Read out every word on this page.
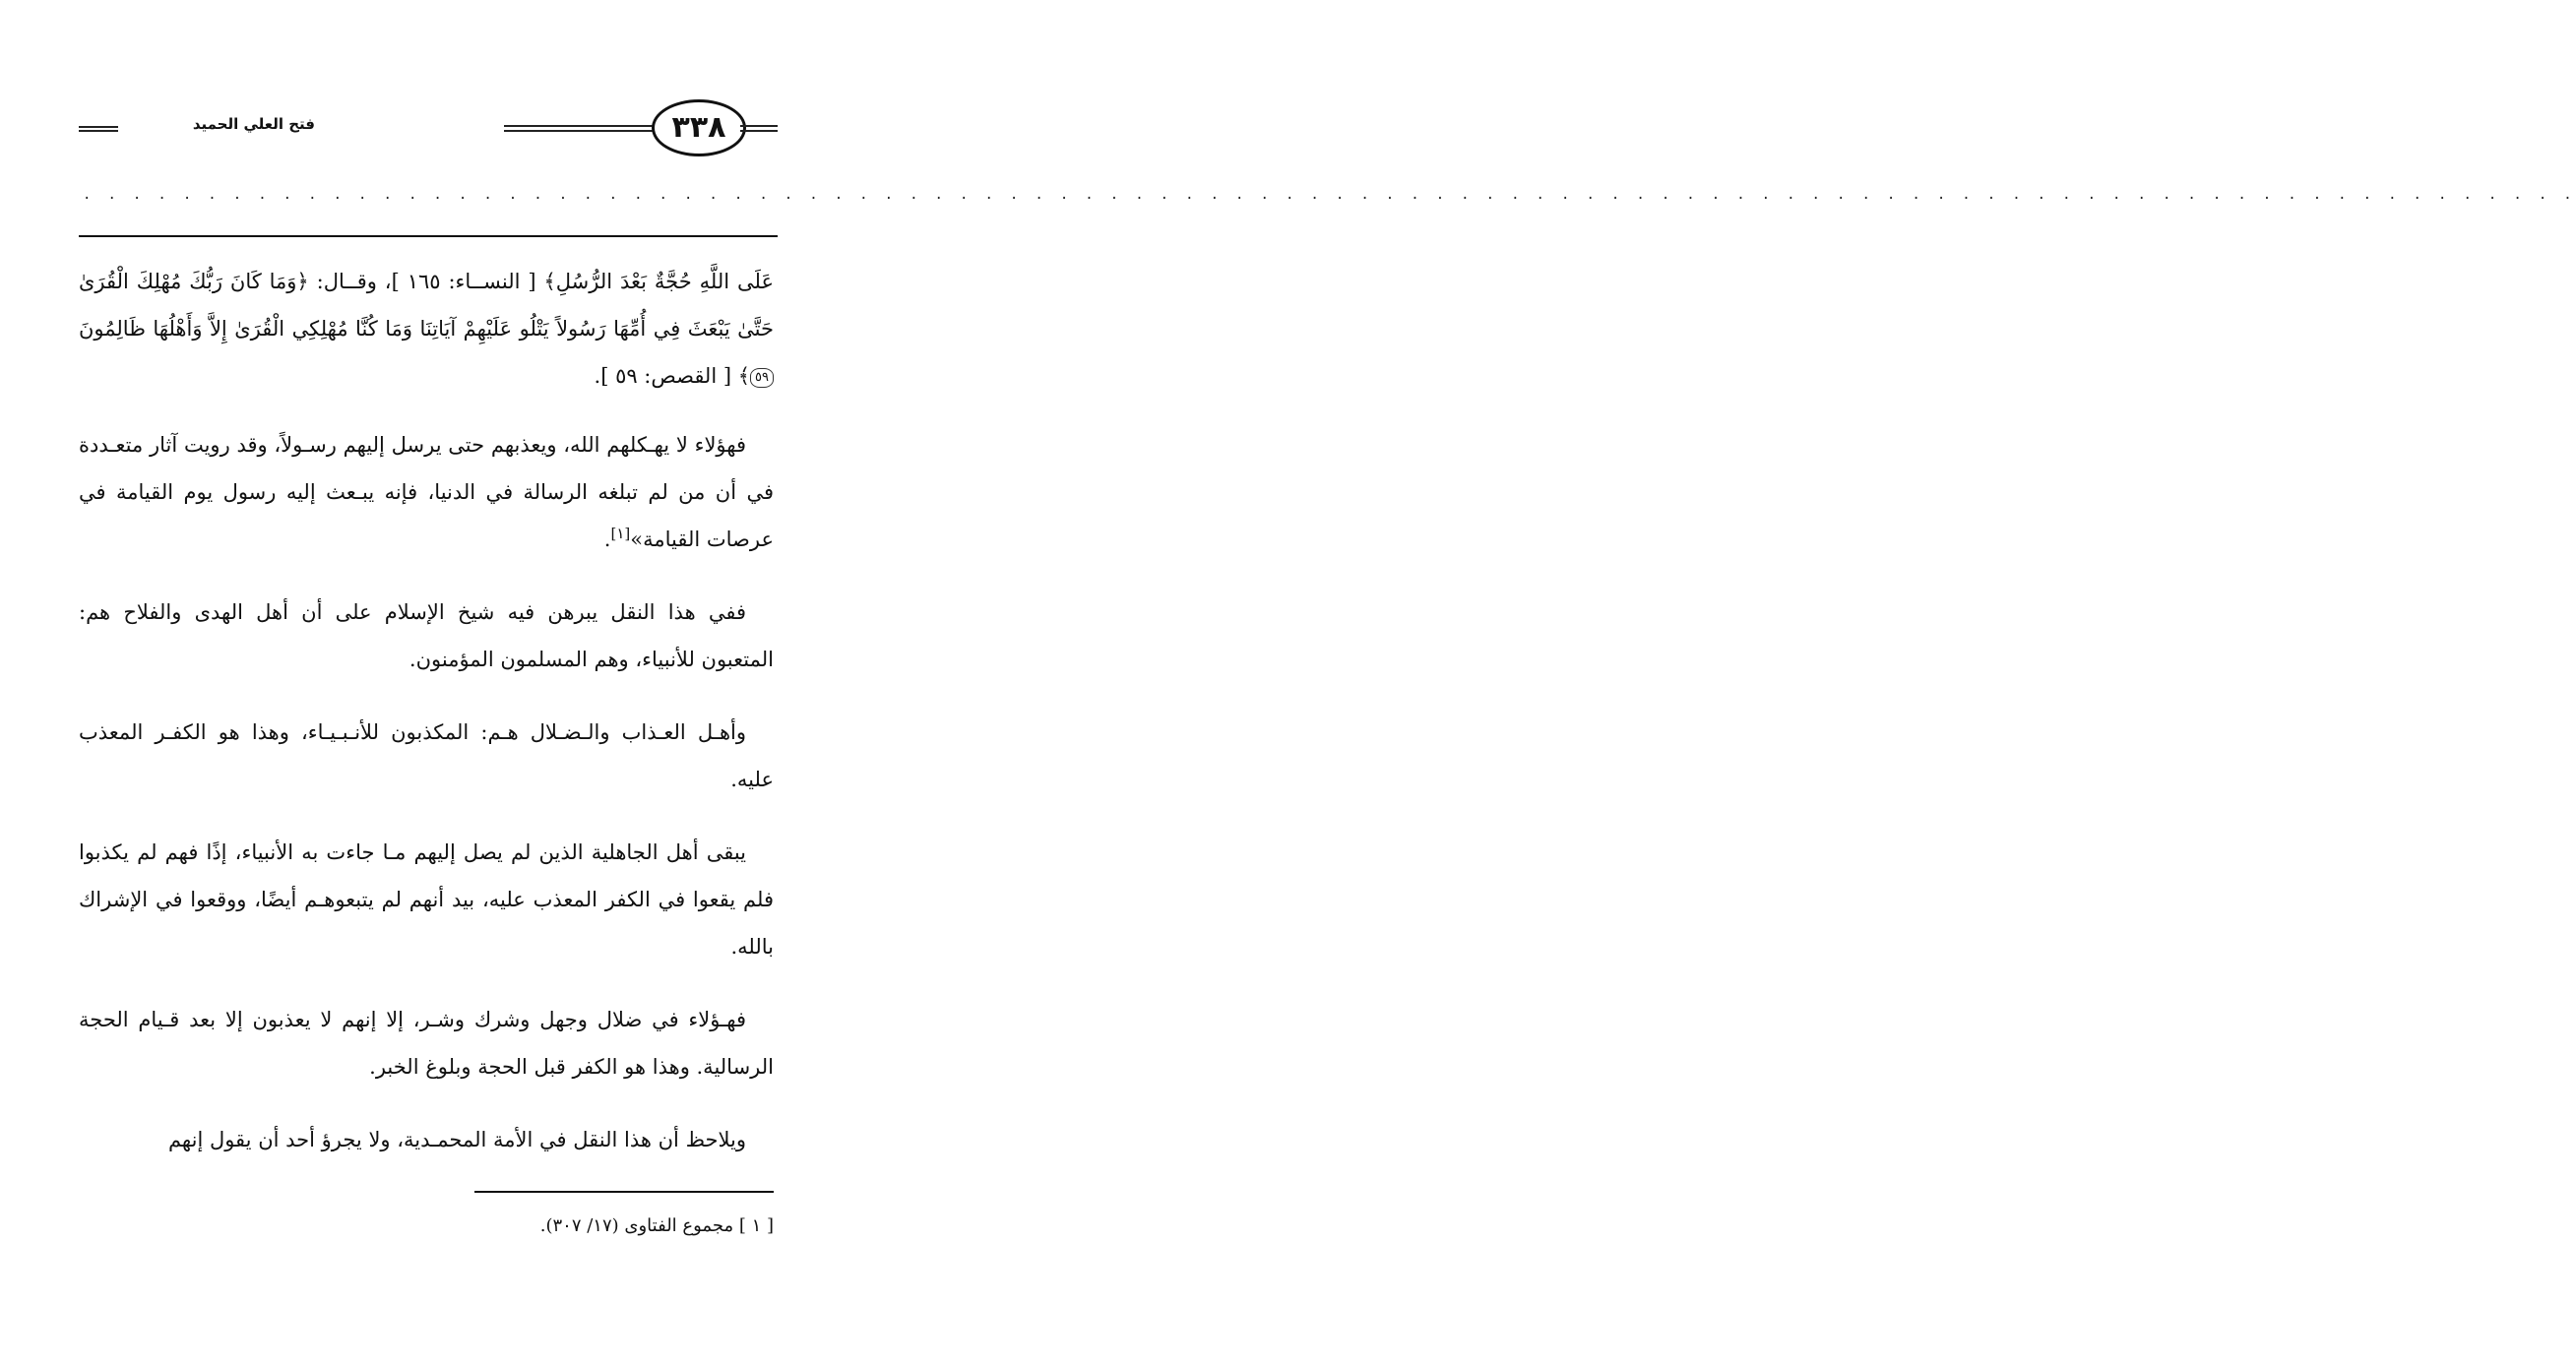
فتح العلي الحميد	٣٣٨
· · · · · · · · · · · · · · · · · · · · · · · · · · · · · · · · · · · · · · · · · · · · · · · · · · · · · · · · · · · · · · · · · · · · · · · · · · · · · · · · · · · · · · · · · · · · · · · · · · · ·

عَلَى اللَّهِ حُجَّةٌ بَعْدَ الرُّسُلِ﴾ [ النســاء: ١٦٥ ]، وقــال: ﴿وَمَا كَانَ رَبُّكَ مُهْلِكَ الْقُرَىٰ حَتَّىٰ يَبْعَثَ فِي أُمِّهَا رَسُولاً يَتْلُو عَلَيْهِمْ آيَاتِنَا وَمَا كُنَّا مُهْلِكِي الْقُرَىٰ إِلاَّ وَأَهْلُهَا ظَالِمُونَ ٥٩﴾ [ القصص: ٥٩ ].

فهؤلاء لا يهـكلهم الله، ويعذبهم حتى يرسل إليهم رسـولاً، وقد رويت آثار متعـددة في أن من لم تبلغه الرسالة في الدنيا، فإنه يبـعث إليه رسول يوم القيامة في عرصات القيامة»[١].

ففي هذا النقل يبرهن فيه شيخ الإسلام على أن أهل الهدى والفلاح هم: المتعبون للأنبياء، وهم المسلمون المؤمنون.

وأهـل العـذاب والـضـلال هـم: المكذبون للأنـبـيـاء، وهذا هو الكفـر المعذب عليه.

يبقى أهل الجاهلية الذين لم يصل إليهم مـا جاءت به الأنبياء، إذًا فهم لم يكذبوا فلم يقعوا في الكفر المعذب عليه، بيد أنهم لم يتبعوهـم أيضًا، ووقعوا في الإشراك بالله.

فهـؤلاء في ضلال وجهل وشرك وشـر، إلا إنهم لا يعذبون إلا بعد قـيام الحجة الرسالية. وهذا هو الكفر قبل الحجة وبلوغ الخبر.

ويلاحظ أن هذا النقل في الأمة المحمـدية، ولا يجرؤ أحد أن يقول إنهم

[ ١ ] مجموع الفتاوى (١٧/ ٣٠٧).
